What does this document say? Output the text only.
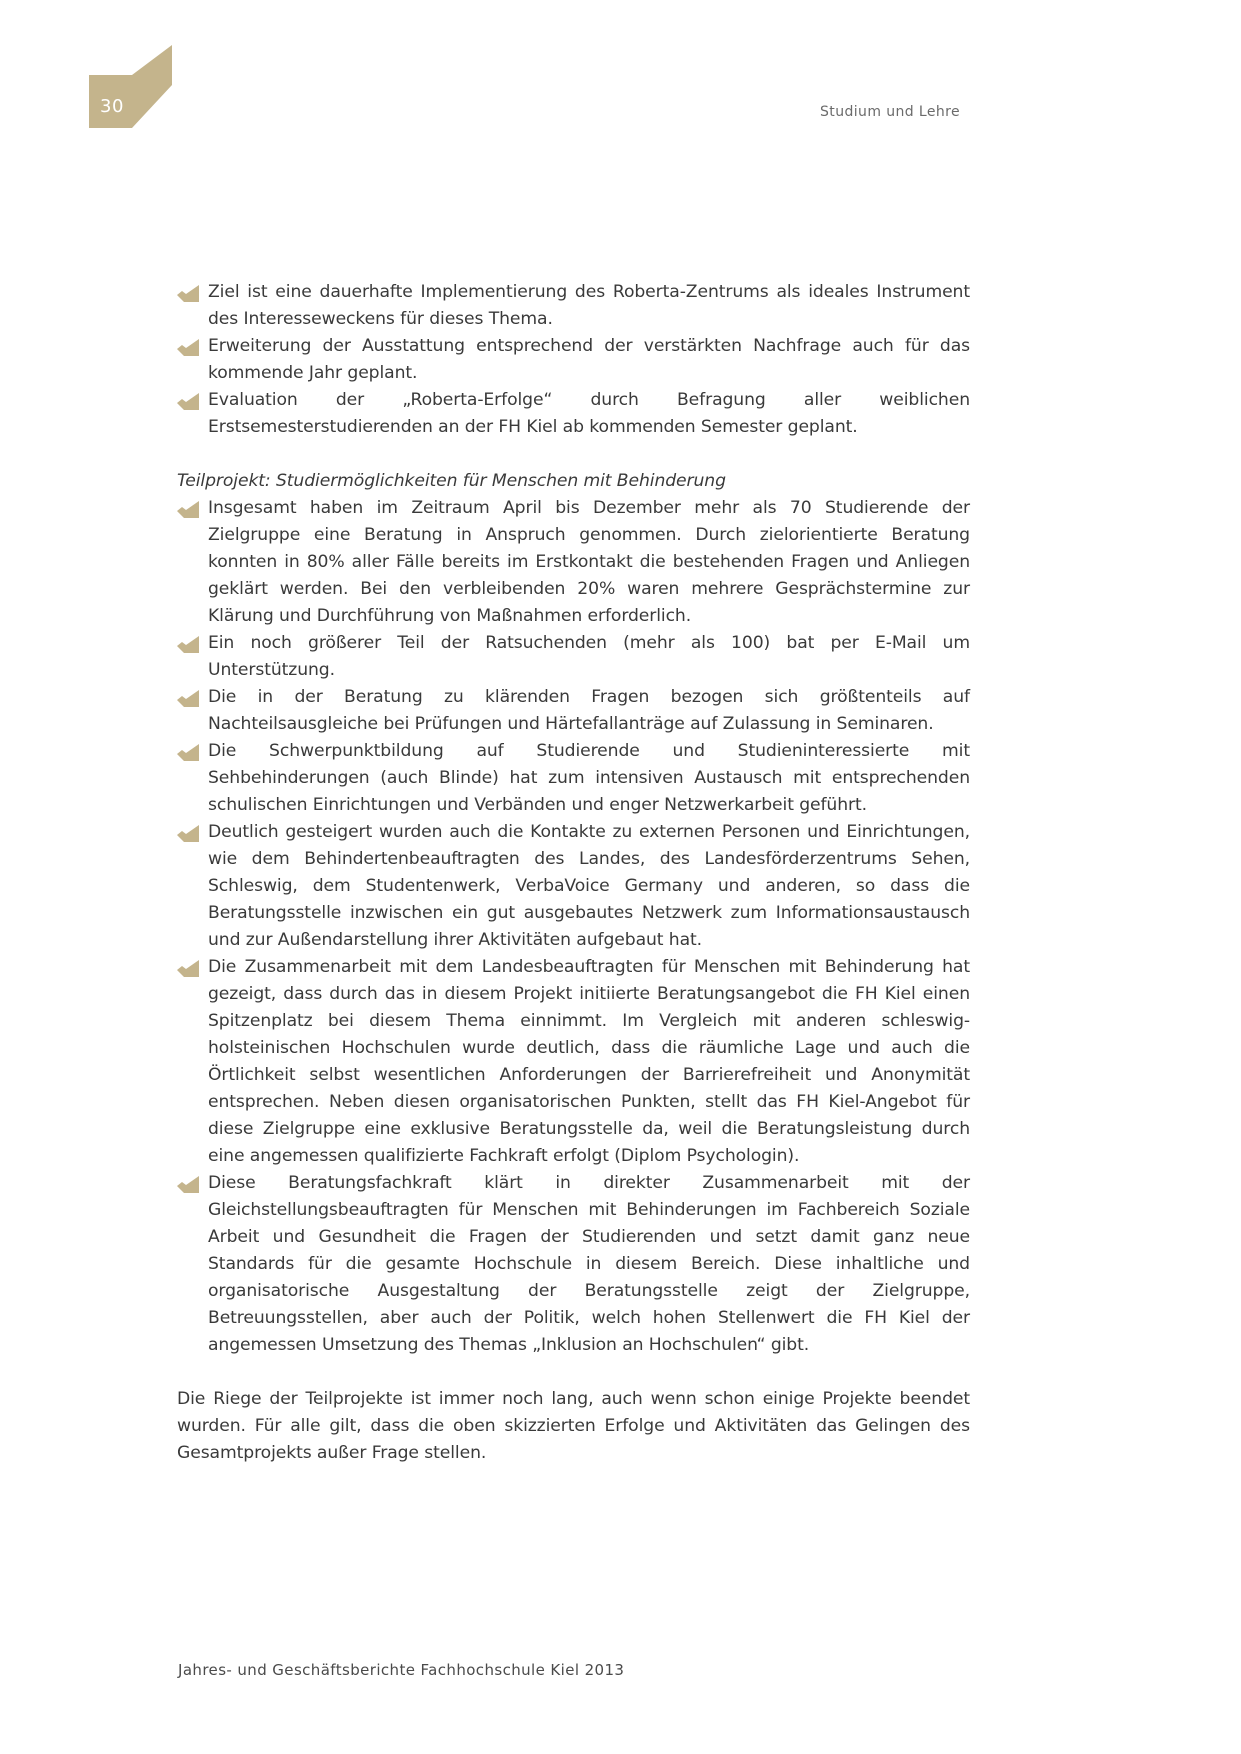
30	Studium und Lehre
Ziel ist eine dauerhafte Implementierung des Roberta-Zentrums als ideales Instrument des Interesseweckens für dieses Thema.
Erweiterung der Ausstattung entsprechend der verstärkten Nachfrage auch für das kommende Jahr geplant.
Evaluation der „Roberta-Erfolge“ durch Befragung aller weiblichen Erstsemesterstudierenden an der FH Kiel ab kommenden Semester geplant.
Teilprojekt: Studiermöglichkeiten für Menschen mit Behinderung
Insgesamt haben im Zeitraum April bis Dezember mehr als 70 Studierende der Zielgruppe eine Beratung in Anspruch genommen. Durch zielorientierte Beratung konnten in 80% aller Fälle bereits im Erstkontakt die bestehenden Fragen und Anliegen geklärt werden. Bei den verbleibenden 20% waren mehrere Gesprächstermine zur Klärung und Durchführung von Maßnahmen erforderlich.
Ein noch größerer Teil der Ratsuchenden (mehr als 100) bat per E-Mail um Unterstützung.
Die in der Beratung zu klärenden Fragen bezogen sich größtenteils auf Nachteilsausgleiche bei Prüfungen und Härtefallanträge auf Zulassung in Seminaren.
Die Schwerpunktbildung auf Studierende und Studieninteressierte mit Sehbehinderungen (auch Blinde) hat zum intensiven Austausch mit entsprechenden schulischen Einrichtungen und Verbänden und enger Netzwerkarbeit geführt.
Deutlich gesteigert wurden auch die Kontakte zu externen Personen und Einrichtungen, wie dem Behindertenbeauftragten des Landes, des Landesförderzentrums Sehen, Schleswig, dem Studentenwerk, VerbaVoice Germany und anderen, so dass die Beratungsstelle inzwischen ein gut ausgebautes Netzwerk zum Informationsaustausch und zur Außendarstellung ihrer Aktivitäten aufgebaut hat.
Die Zusammenarbeit mit dem Landesbeauftragten für Menschen mit Behinderung hat gezeigt, dass durch das in diesem Projekt initiierte Beratungsangebot die FH Kiel einen Spitzenplatz bei diesem Thema einnimmt. Im Vergleich mit anderen schleswig-holsteinischen Hochschulen wurde deutlich, dass die räumliche Lage und auch die Örtlichkeit selbst wesentlichen Anforderungen der Barrierefreiheit und Anonymität entsprechen. Neben diesen organisatorischen Punkten, stellt das FH Kiel-Angebot für diese Zielgruppe eine exklusive Beratungsstelle da, weil die Beratungsleistung durch eine angemessen qualifizierte Fachkraft erfolgt (Diplom Psychologin).
Diese Beratungsfachkraft klärt in direkter Zusammenarbeit mit der Gleichstellungsbeauftragten für Menschen mit Behinderungen im Fachbereich Soziale Arbeit und Gesundheit die Fragen der Studierenden und setzt damit ganz neue Standards für die gesamte Hochschule in diesem Bereich. Diese inhaltliche und organisatorische Ausgestaltung der Beratungsstelle zeigt der Zielgruppe, Betreuungsstellen, aber auch der Politik, welch hohen Stellenwert die FH Kiel der angemessen Umsetzung des Themas „Inklusion an Hochschulen“ gibt.

Die Riege der Teilprojekte ist immer noch lang, auch wenn schon einige Projekte beendet wurden. Für alle gilt, dass die oben skizzierten Erfolge und Aktivitäten das Gelingen des Gesamtprojekts außer Frage stellen.

Jahres- und Geschäftsberichte Fachhochschule Kiel 2013
